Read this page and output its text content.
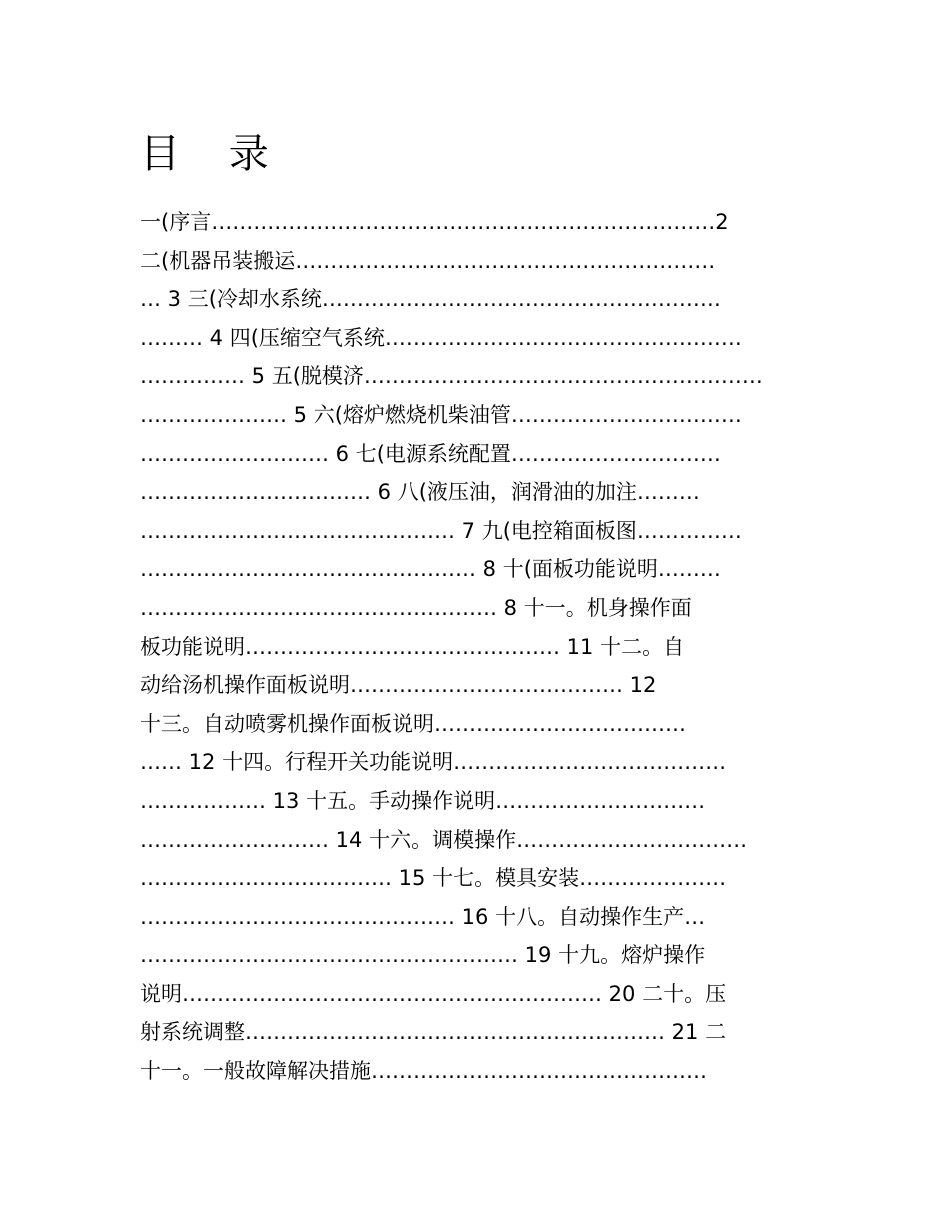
目 录
一(序言………………………………………………………………2
二(机器吊装搬运……………………………………………………
… 3 三(冷却水系统…………………………………………………
……… 4 四(压缩空气系统……………………………………………
…………… 5 五(脱模济…………………………………………………
………………… 5 六(熔炉燃烧机柴油管……………………………
……………………… 6 七(电源系统配置…………………………
…………………………… 6 八(液压油，润滑油的加注………
……………………………………… 7 九(电控箱面板图……………
………………………………………… 8 十(面板功能说明………
…………………………………………… 8 十一。机身操作面
板功能说明……………………………………… 11 十二。自
动给汤机操作面板说明………………………………… 12
十三。自动喷雾机操作面板说明………………………………
…… 12 十四。行程开关功能说明…………………………………
……………… 13 十五。手动操作说明…………………………
……………………… 14 十六。调模操作……………………………
……………………………… 15 十七。模具安装…………………
……………………………………… 16 十八。自动操作生产…
……………………………………………… 19 十九。熔炉操作
说明…………………………………………………… 20 二十。压
射系统调整…………………………………………………… 21 二
十一。一般故障解决措施…………………………………………
